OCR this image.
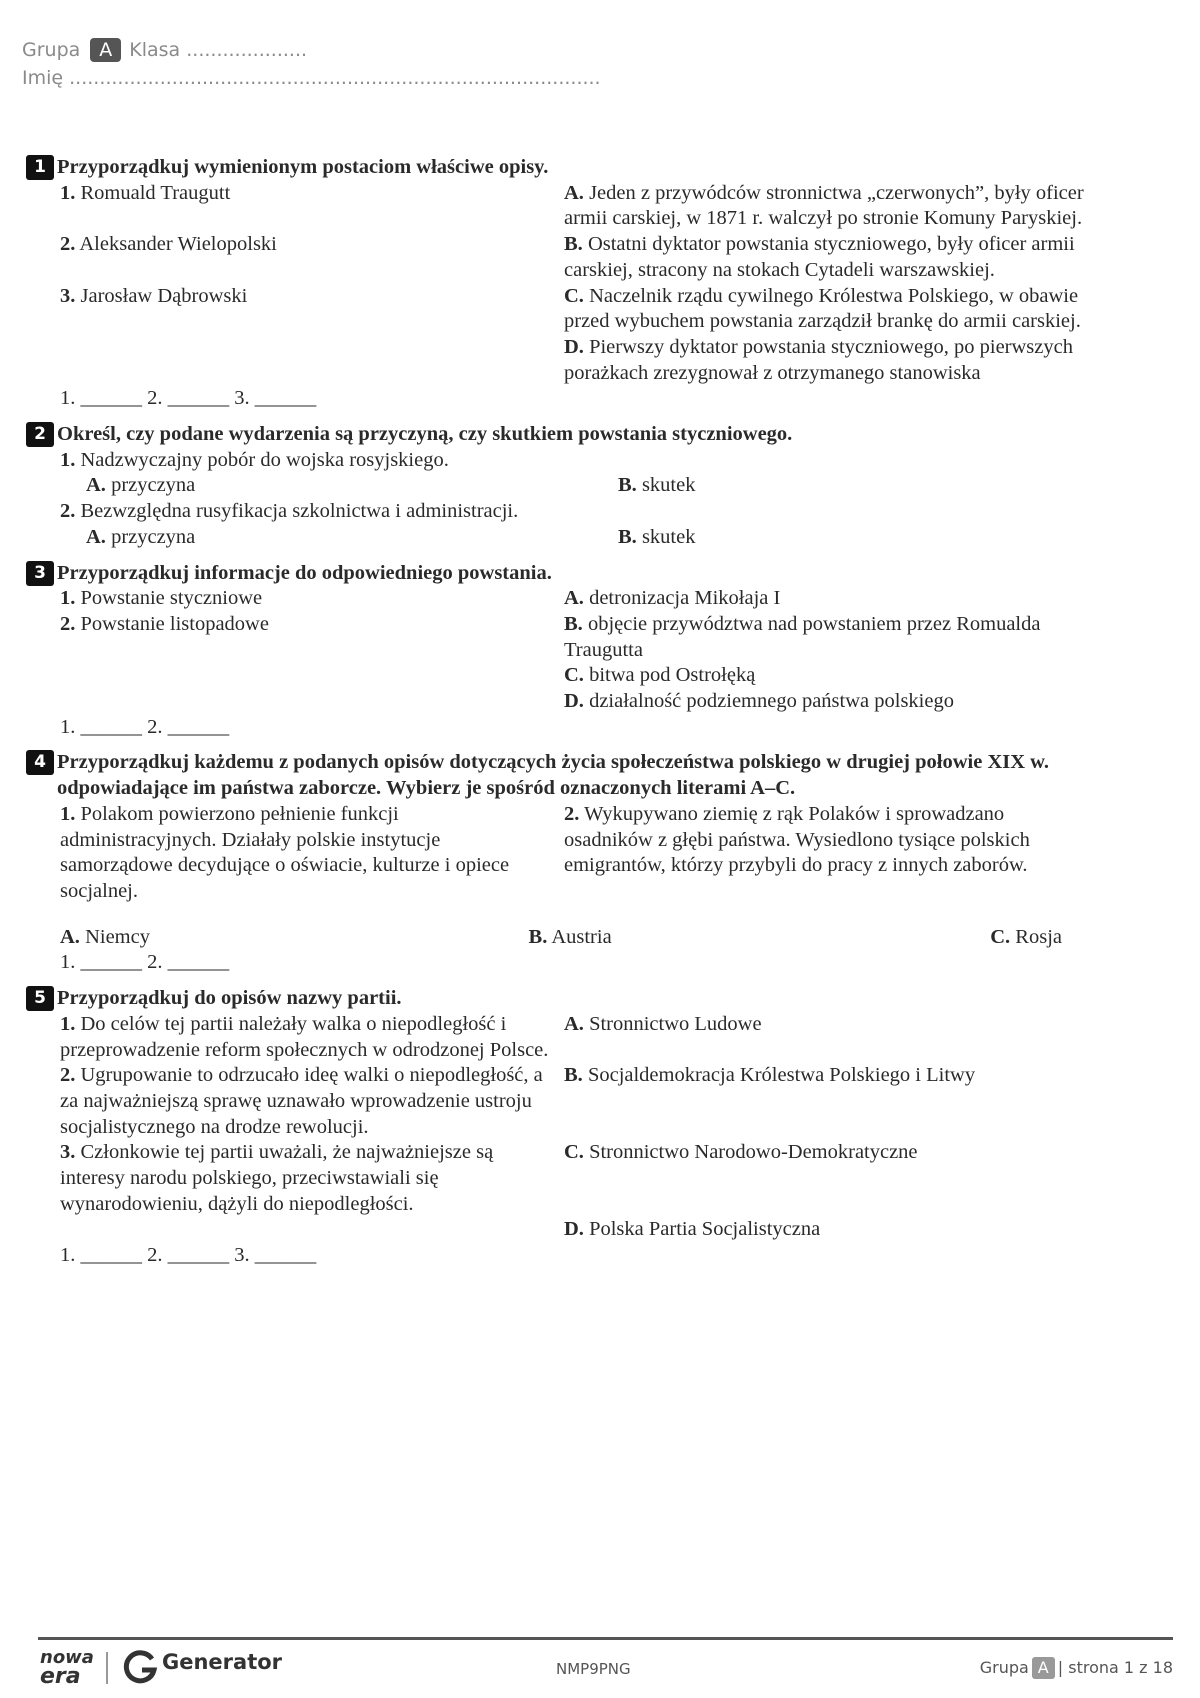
Grupa A Klasa ....................
Imię ........................................................................................
1 Przyporządkuj wymienionym postaciom właściwe opisy.
1. Romuald Traugutt	A. Jeden z przywódców stronnictwa „czerwonych”, były oficer armii carskiej, w 1871 r. walczył po stronie Komuny Paryskiej.
2. Aleksander Wielopolski	B. Ostatni dyktator powstania styczniowego, były oficer armii carskiej, stracony na stokach Cytadeli warszawskiej.
3. Jarosław Dąbrowski	C. Naczelnik rządu cywilnego Królestwa Polskiego, w obawie przed wybuchem powstania zarządził brankę do armii carskiej.
D. Pierwszy dyktator powstania styczniowego, po pierwszych porażkach zrezygnował z otrzymanego stanowiska
1. ______ 2. ______ 3. ______
2 Określ, czy podane wydarzenia są przyczyną, czy skutkiem powstania styczniowego.
1. Nadzwyczajny pobór do wojska rosyjskiego.
A. przyczyna	B. skutek
2. Bezwzględna rusyfikacja szkolnictwa i administracji.
A. przyczyna	B. skutek
3 Przyporządkuj informacje do odpowiedniego powstania.
1. Powstanie styczniowe	A. detronizacja Mikołaja I
2. Powstanie listopadowe	B. objęcie przywództwa nad powstaniem przez Romualda Traugutta
C. bitwa pod Ostrołęką
D. działalność podziemnego państwa polskiego
1. ______ 2. ______
4 Przyporządkuj każdemu z podanych opisów dotyczących życia społeczeństwa polskiego w drugiej połowie XIX w. odpowiadające im państwa zaborcze. Wybierz je spośród oznaczonych literami A–C.
1. Polakom powierzono pełnienie funkcji administracyjnych. Działały polskie instytucje samorządowe decydujące o oświacie, kulturze i opiece socjalnej.
2. Wykupywano ziemię z rąk Polaków i sprowadzano osadników z głębi państwa. Wysiedlono tysiące polskich emigrantów, którzy przybyli do pracy z innych zaborów.
A. Niemcy	B. Austria	C. Rosja
1. ______ 2. ______
5 Przyporządkuj do opisów nazwy partii.
1. Do celów tej partii należały walka o niepodległość i przeprowadzenie reform społecznych w odrodzonej Polsce.
A. Stronnictwo Ludowe
2. Ugrupowanie to odrzucało ideę walki o niepodległość, a za najważniejszą sprawę uznawało wprowadzenie ustroju socjalistycznego na drodze rewolucji.
B. Socjaldemokracja Królestwa Polskiego i Litwy
3. Członkowie tej partii uważali, że najważniejsze są interesy narodu polskiego, przeciwstawiali się wynarodowieniu, dążyli do niepodległości.
C. Stronnictwo Narodowo-Demokratyczne
D. Polska Partia Socjalistyczna
1. ______ 2. ______ 3. ______
nowa
era
Generator	NMP9PNG	Grupa A | strona 1 z 18
